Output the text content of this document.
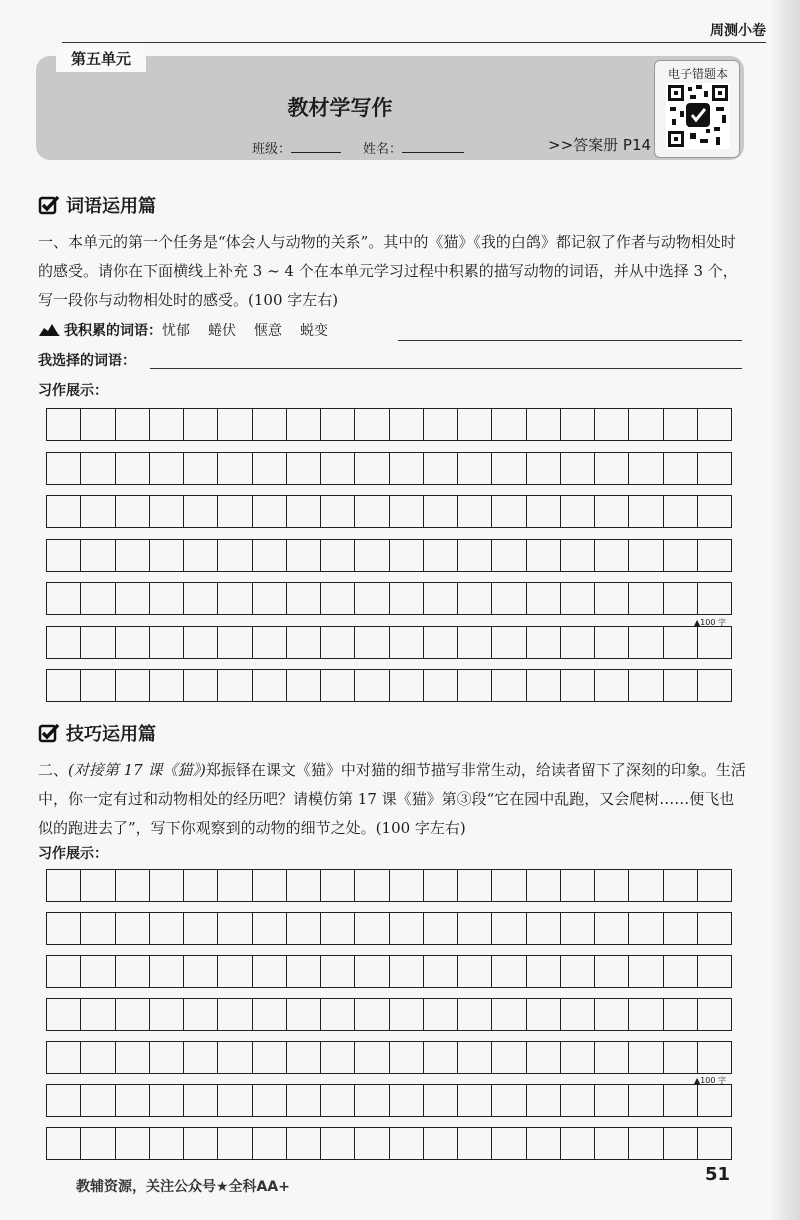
周测小卷
第五单元
教材学写作
班级：	姓名：	>>答案册 P14
电子错题本
词语运用篇
一、本单元的第一个任务是“体会人与动物的关系”。其中的《猫》《我的白鸽》都记叙了作者与动物相处时的感受。请你在下面横线上补充 3 ~ 4 个在本单元学习过程中积累的描写动物的词语，并从中选择 3 个，写一段你与动物相处时的感受。(100 字左右)
我积累的词语：忧郁 蜷伏 惬意 蜕变
我选择的词语：
习作展示：

▲100 字
技巧运用篇
二、(对接第 17 课《猫》)郑振铎在课文《猫》中对猫的细节描写非常生动，给读者留下了深刻的印象。生活中，你一定有过和动物相处的经历吧？请模仿第 17 课《猫》第③段“它在园中乱跑，又会爬树……便飞也似的跑进去了”，写下你观察到的动物的细节之处。(100 字左右)
习作展示：

▲100 字
教辅资源，关注公众号★全科AA+
51
